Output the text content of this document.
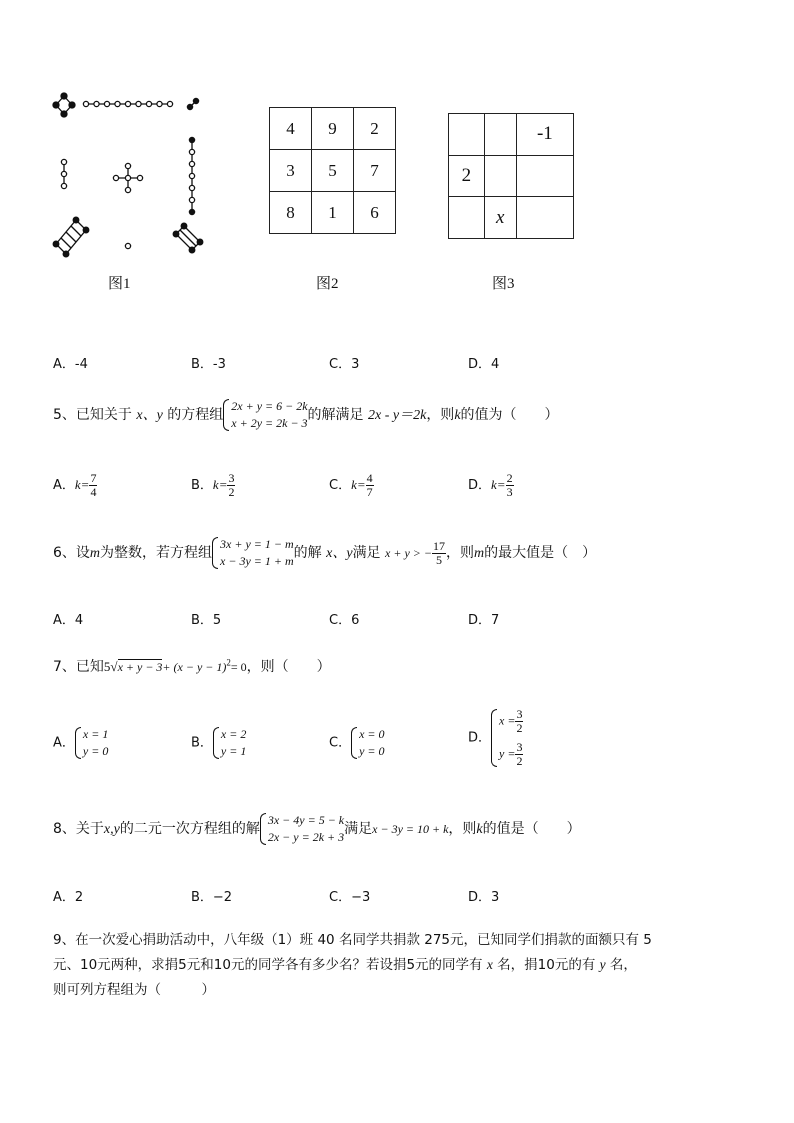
图1
4	9	2
3	5	7
8	1	6
图2
		-1
2		
	x	
图3
A．-4	B．-3	C．3	D．4
5、已知关于 x、y 的方程组
2x + y = 6 − 2k
x + 2y = 2k − 3 的解满足 2x - y＝2k，则k的值为（　　）
A．$k= \frac{7}{4}$	B．$k= \frac{3}{2}$	C．$k= \frac{4}{7}$	D．$k= \frac{2}{3}$
6、设m为整数，若方程组
3x + y = 1 − m
x − 3y = 1 + m 的解 x、y满足 x + y > − $\frac{17}{5}$ ，则m的最大值是（　）
A．4	B．5	C．6	D．7
7、已知$5√x + y - 3+ (x - y - 1)^2= 0$，则（　　）
A．
x = 1
y = 0
B．
x = 2
y = 1
C．
x = 0
y = 0
D．
$x = \frac{3}{2}$
$y = \frac{3}{2}$
8、关于x,y的二元一次方程组的解
3x − 4y = 5 − k
2x − y = 2k + 3 满足x − 3y = 10 + k，则k的值是（　　）
A．2	B．−2	C．−3	D．3
9、在一次爱心捐助活动中，八年级（1）班 40 名同学共捐款 275元，已知同学们捐款的面额只有 5
元、10元两种，求捐5元和10元的同学各有多少名？若设捐5元的同学有 x 名，捐10元的有 y 名，
则可列方程组为（　　　）
